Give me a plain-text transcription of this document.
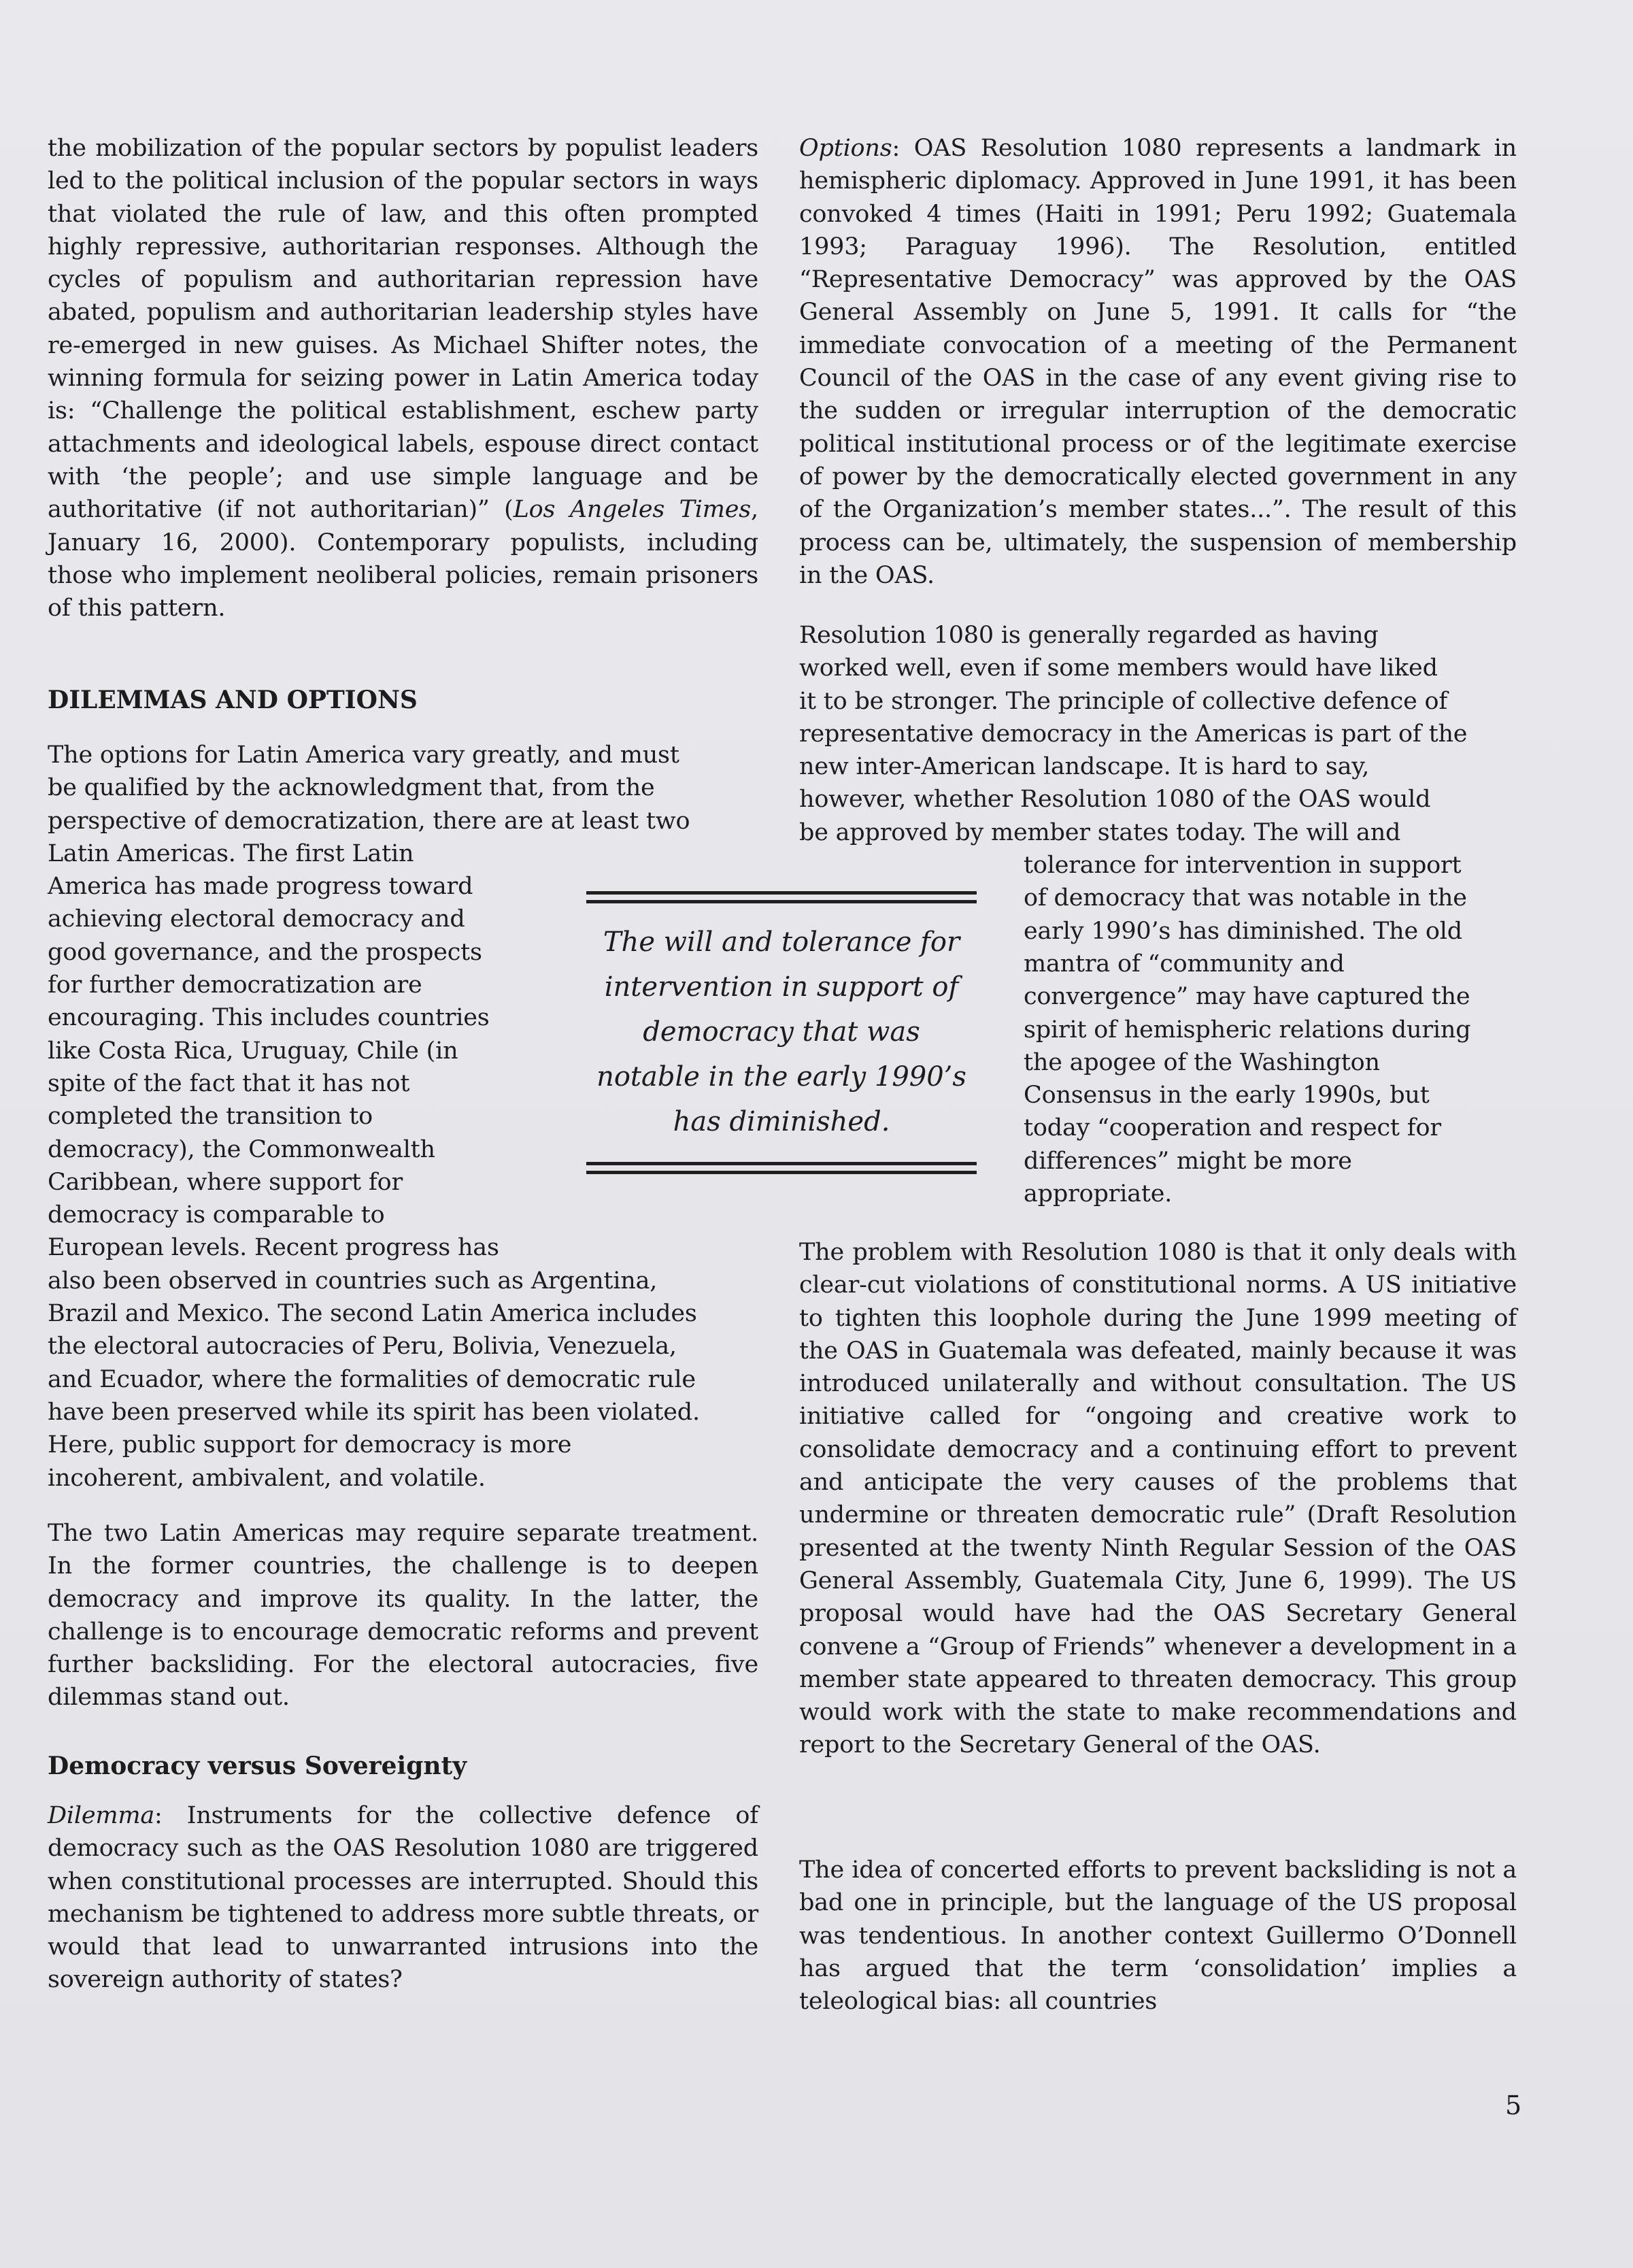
the mobilization of the popular sectors by populist leaders led to the political inclusion of the popular sectors in ways that violated the rule of law, and this often prompted highly repressive, authoritarian responses. Although the cycles of populism and authoritarian repression have abated, populism and authoritarian leadership styles have re-emerged in new guises. As Michael Shifter notes, the winning formula for seizing power in Latin America today is: “Challenge the political establishment, eschew party attachments and ideological labels, espouse direct contact with ‘the people’; and use simple language and be authoritative (if not authoritarian)” (Los Angeles Times, January 16, 2000). Contemporary populists, including those who implement neoliberal policies, remain prisoners of this pattern.

DILEMMAS AND OPTIONS
The options for Latin America vary greatly, and must
be qualified by the acknowledgment that, from the
perspective of democratization, there are at least two
Latin Americas. The first Latin
America has made progress toward
achieving electoral democracy and
good governance, and the prospects
for further democratization are
encouraging. This includes countries
like Costa Rica, Uruguay, Chile (in
spite of the fact that it has not
completed the transition to
democracy), the Commonwealth
Caribbean, where support for
democracy is comparable to
European levels. Recent progress has
also been observed in countries such as Argentina,
Brazil and Mexico. The second Latin America includes
the electoral autocracies of Peru, Bolivia, Venezuela,
and Ecuador, where the formalities of democratic rule
have been preserved while its spirit has been violated.
Here, public support for democracy is more
incoherent, ambivalent, and volatile.

The two Latin Americas may require separate treatment. In the former countries, the challenge is to deepen democracy and improve its quality. In the latter, the challenge is to encourage democratic reforms and prevent further backsliding. For the electoral autocracies, five dilemmas stand out.

Democracy versus Sovereignty

Dilemma: Instruments for the collective defence of democracy such as the OAS Resolution 1080 are triggered when constitutional processes are interrupted. Should this mechanism be tightened to address more subtle threats, or would that lead to unwarranted intrusions into the sovereign authority of states?

The will and tolerance for
intervention in support of
democracy that was
notable in the early 1990’s
has diminished.

Options: OAS Resolution 1080 represents a landmark in hemispheric diplomacy. Approved in June 1991, it has been convoked 4 times (Haiti in 1991; Peru 1992; Guatemala 1993; Paraguay 1996). The Resolution, entitled “Representative Democracy” was approved by the OAS General Assembly on June 5, 1991. It calls for “the immediate convocation of a meeting of the Permanent Council of the OAS in the case of any event giving rise to the sudden or irregular interruption of the democratic political institutional process or of the legitimate exercise of power by the democratically elected government in any of the Organization’s member states...”. The result of this process can be, ultimately, the suspension of membership in the OAS.

Resolution 1080 is generally regarded as having
worked well, even if some members would have liked
it to be stronger. The principle of collective defence of
representative democracy in the Americas is part of the
new inter-American landscape. It is hard to say,
however, whether Resolution 1080 of the OAS would
be approved by member states today. The will and
tolerance for intervention in support
of democracy that was notable in the
early 1990’s has diminished. The old
mantra of “community and
convergence” may have captured the
spirit of hemispheric relations during
the apogee of the Washington
Consensus in the early 1990s, but
today “cooperation and respect for
differences” might be more
appropriate.

The problem with Resolution 1080 is that it only deals with clear-cut violations of constitutional norms. A US initiative to tighten this loophole during the June 1999 meeting of the OAS in Guatemala was defeated, mainly because it was introduced unilaterally and without consultation. The US initiative called for “ongoing and creative work to consolidate democracy and a continuing effort to prevent and anticipate the very causes of the problems that undermine or threaten democratic rule” (Draft Resolution presented at the twenty Ninth Regular Session of the OAS General Assembly, Guatemala City, June 6, 1999). The US proposal would have had the OAS Secretary General convene a “Group of Friends” whenever a development in a member state appeared to threaten democracy. This group would work with the state to make recommendations and report to the Secretary General of the OAS.

The idea of concerted efforts to prevent backsliding is not a bad one in principle, but the language of the US proposal was tendentious. In another context Guillermo O’Donnell has argued that the term ‘consolidation’ implies a teleological bias: all countries

5
